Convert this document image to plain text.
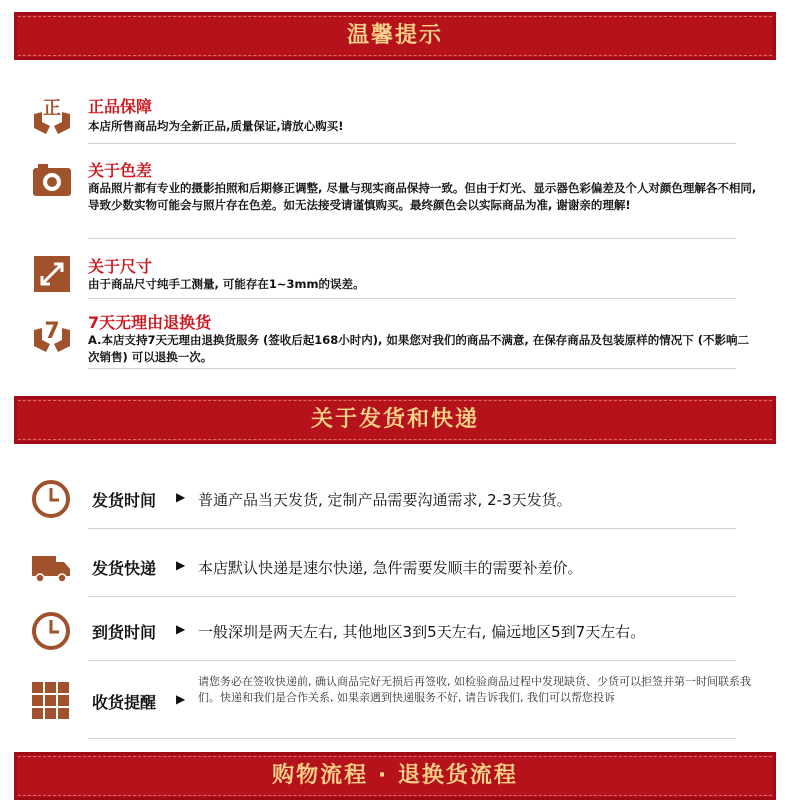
温馨提示
正 正品保障
本店所售商品均为全新正品,质量保证,请放心购买!
关于色差
商品照片都有专业的摄影拍照和后期修正调整, 尽量与现实商品保持一致。但由于灯光、显示器色彩偏差及个人对颜色理解各不相同, 导致少数实物可能会与照片存在色差。如无法接受请谨慎购买。最终颜色会以实际商品为准, 谢谢亲的理解!
关于尺寸
由于商品尺寸纯手工测量, 可能存在1~3mm的误差。
7 7天无理由退换货
A.本店支持7天无理由退换货服务 (签收后起168小时内), 如果您对我们的商品不满意, 在保存商品及包装原样的情况下 (不影响二次销售) 可以退换一次。
关于发货和快递
发货时间 ▶ 普通产品当天发货, 定制产品需要沟通需求, 2-3天发货。
发货快递 ▶ 本店默认快递是速尔快递, 急件需要发顺丰的需要补差价。
到货时间 ▶ 一般深圳是两天左右, 其他地区3到5天左右, 偏远地区5到7天左右。
收货提醒 ▶
请您务必在签收快递前, 确认商品完好无损后再签收, 如检验商品过程中发现缺货、少货可以拒签并第一时间联系我们。快递和我们是合作关系, 如果亲遇到快递服务不好, 请告诉我们, 我们可以帮您投诉
购物流程 · 退换货流程
